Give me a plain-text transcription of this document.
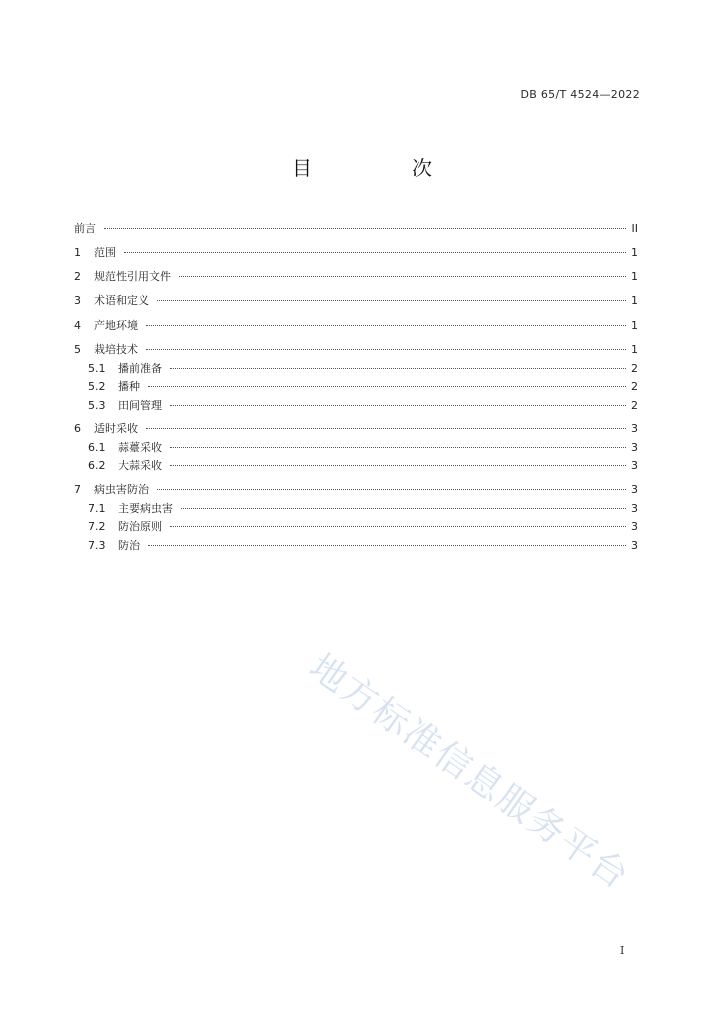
DB 65/T 4524—2022
目　次
前言	II
1	范围	1
2	规范性引用文件	1
3	术语和定义	1
4	产地环境	1
5	栽培技术	1
5.1	播前准备	2
5.2	播种	2
5.3	田间管理	2
6	适时采收	3
6.1	蒜薹采收	3
6.2	大蒜采收	3
7	病虫害防治	3
7.1	主要病虫害	3
7.2	防治原则	3
7.3	防治	3
地方标准信息服务平台
I
